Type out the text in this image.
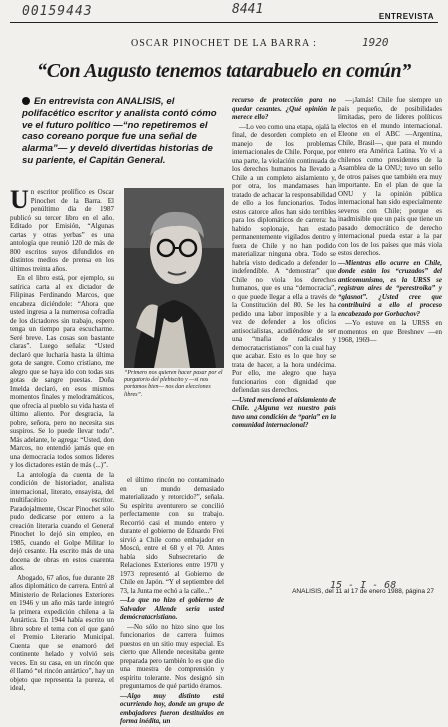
00159443	8441	ENTREVISTA
OSCAR PINOCHET DE LA BARRA :	1920
“Con Augusto tenemos tatarabuelo en común”

En entrevista con ANALISIS, el polifacético escritor y analista contó cómo ve el futuro político —“no repetiremos el caso coreano porque fue una señal de alarma”— y develó divertidas historias de su pariente, el Capitán General.

Un escritor prolífico es Oscar Pinochet de la Barra. El penúltimo día de 1987 publicó su tercer libro en el año. Editado por Emisión, “Algunas cartas y otras yerbas” es una antología que reunió 120 de más de 800 escritos suyos difundidos en distintos medios de prensa en los últimos treinta años.

En el libro está, por ejemplo, su satírica carta al ex dictador de Filipinas Ferdinando Marcos, que encabeza diciéndole: “Ahora que usted ingresa a la numerosa cofradía de los dictadores sin trabajo, espero tenga un tiempo para escucharme. Seré breve. Las cosas son bastante claras”. Luego señala: “Usted declaró que lucharía hasta la última gota de sangre. Como cristiano, me alegro que se haya ido con todas sus gotas de sangre puestas. Doña Imelda declaró, en esos mismos momentos finales y melodramáticos, que ofrecía al pueblo su vida hasta el último aliento. Por desgracia, la pobre, señora, pero no necesita sus suspiros. Se lo puede llevar todo”. Más adelante, le agrega: “Usted, don Marcos, no entendió jamás que en una democracia todos somos líderes y los dictadores están de más (...)”.

La antología da cuenta de la condición de historiador, analista internacional, literato, ensayista, del multifacético escritor. Paradojalmente, Oscar Pinochet sólo pudo dedicarse por entero a la creación literaria cuando el General Pinochet lo dejó sin empleo, en 1985, cuando el Golpe Militar lo dejó cesante. Ha escrito más de una docena de obras en estos cuarenta años.

Abogado, 67 años, fue durante 28 años diplomático de carrera. Entró al Ministerio de Relaciones Exteriores en 1946 y un año más tarde integró la primera expedición chilena a la Antártica. En 1944 había escrito un libro sobre el tema con el que ganó el Premio Literario Municipal. Cuenta que se enamoró del continente helado y volvió seis veces. En su casa, en un rincón que él llamó “el rincón antártico”, hay un objeto que representa la pureza, el ideal,

“Primero nos quieren hacer pasar por el purgatorio del plebiscito y —si nos portamos bien— nos dan elecciones libres”.

el último rincón no contaminado en un mundo demasiado materializado y retorcido?”, señala. Su espíritu aventurero se concilió perfectamente con su trabajo. Recorrió casi el mundo entero y durante el gobierno de Eduardo Frei sirvió a Chile como embajador en Moscú, entre el 68 y el 70. Antes había sido Subsecretario de Relaciones Exteriores entre 1970 y 1973 representó al Gobierno de Chile en Japón. “Y el septiembre del 73, la Junta me echó a la calle...”

—Lo que no hizo el gobierno de Salvador Allende sería usted demócratacristiano.

—No sólo no hizo sino que los funcionarios de carrera fuimos puestos en un sitio muy especial. Es cierto que Allende necesitaba gente preparada pero también lo es que dio una muestra de comprensión y espíritu tolerante. Nos designó sin preguntarnos de qué partido éramos.

—Algo muy distinto está ocurriendo hoy, donde un grupo de embajadores fueron destituidos en forma inédita, un

recurso de protección para no quedar cesantes. ¿Qué opinión le merece ello?

—Lo veo como una etapa, ojalá la final, de desorden completo en el manejo de los problemas internacionales de Chile. Porque, por una parte, la violación continuada de los derechos humanos ha llevado a Chile a un completo aislamiento y, por otra, los mandamases han tratado de achacar la responsabilidad de ello a los funcionarios. Todos estos catorce años han sido terribles para los diplomáticos de carrera: ha habido soplonaje, han estado permanentemente vigilados dentro y fuera de Chile y no han podido materializar ninguna obra. Todo se habría visto dedicado a defender lo indefendible. A “demostrar” que Chile no viola los derechos humanos, que es una “democracia”, o que puede llegar a ella a través de la Constitución del 80. Se les ha pedido una labor imposible y a la vez de defender a los oficios antisocialistas, acudiéndose de ser una “mafia de radicales y democratacristianos” con la cual hay que acabar. Esto es lo que hoy se trata de hacer, a la hora undécima. Por ello, me alegro que haya funcionarios con dignidad que defiendan sus derechos.

—Usted mencionó el aislamiento de Chile. ¿Alguna vez nuestro país tuvo una condición de “paria” en la comunidad internacional?

—¡Jamás! Chile fue siempre un país pequeño, de posibilidades limitadas, pero de líderes políticos electos en el mundo internacional. Eleone en el ABC —Argentina, Chile, Brasil—, que para el mundo entero era América Latina. Yo vi a chilenos como presidentes de la Asamblea de la ONU; tuvo un sello de otros países que también era muy importante. En el plan de que la ONU y la opinión pública internacional han sido especialmente severos con Chile; porque es inadmisible que un país que tiene un pasado democrático de derecho internacional pueda estar a la par con los de los países que más viola estos derechos.

—Mientras ello ocurre en Chile, donde están los “cruzados” del anticomunismo, es la URSS se registran aires de “perestroika” y “glasnot”. ¿Usted cree que contribuirá a ello el proceso encabezado por Gorbachov?

—Yo estuve en la URSS en momentos en que Breshnev —en 1968, 1969—

ANALISIS, del 11 al 17 de enero 1988, página 27
15 - I - 68
